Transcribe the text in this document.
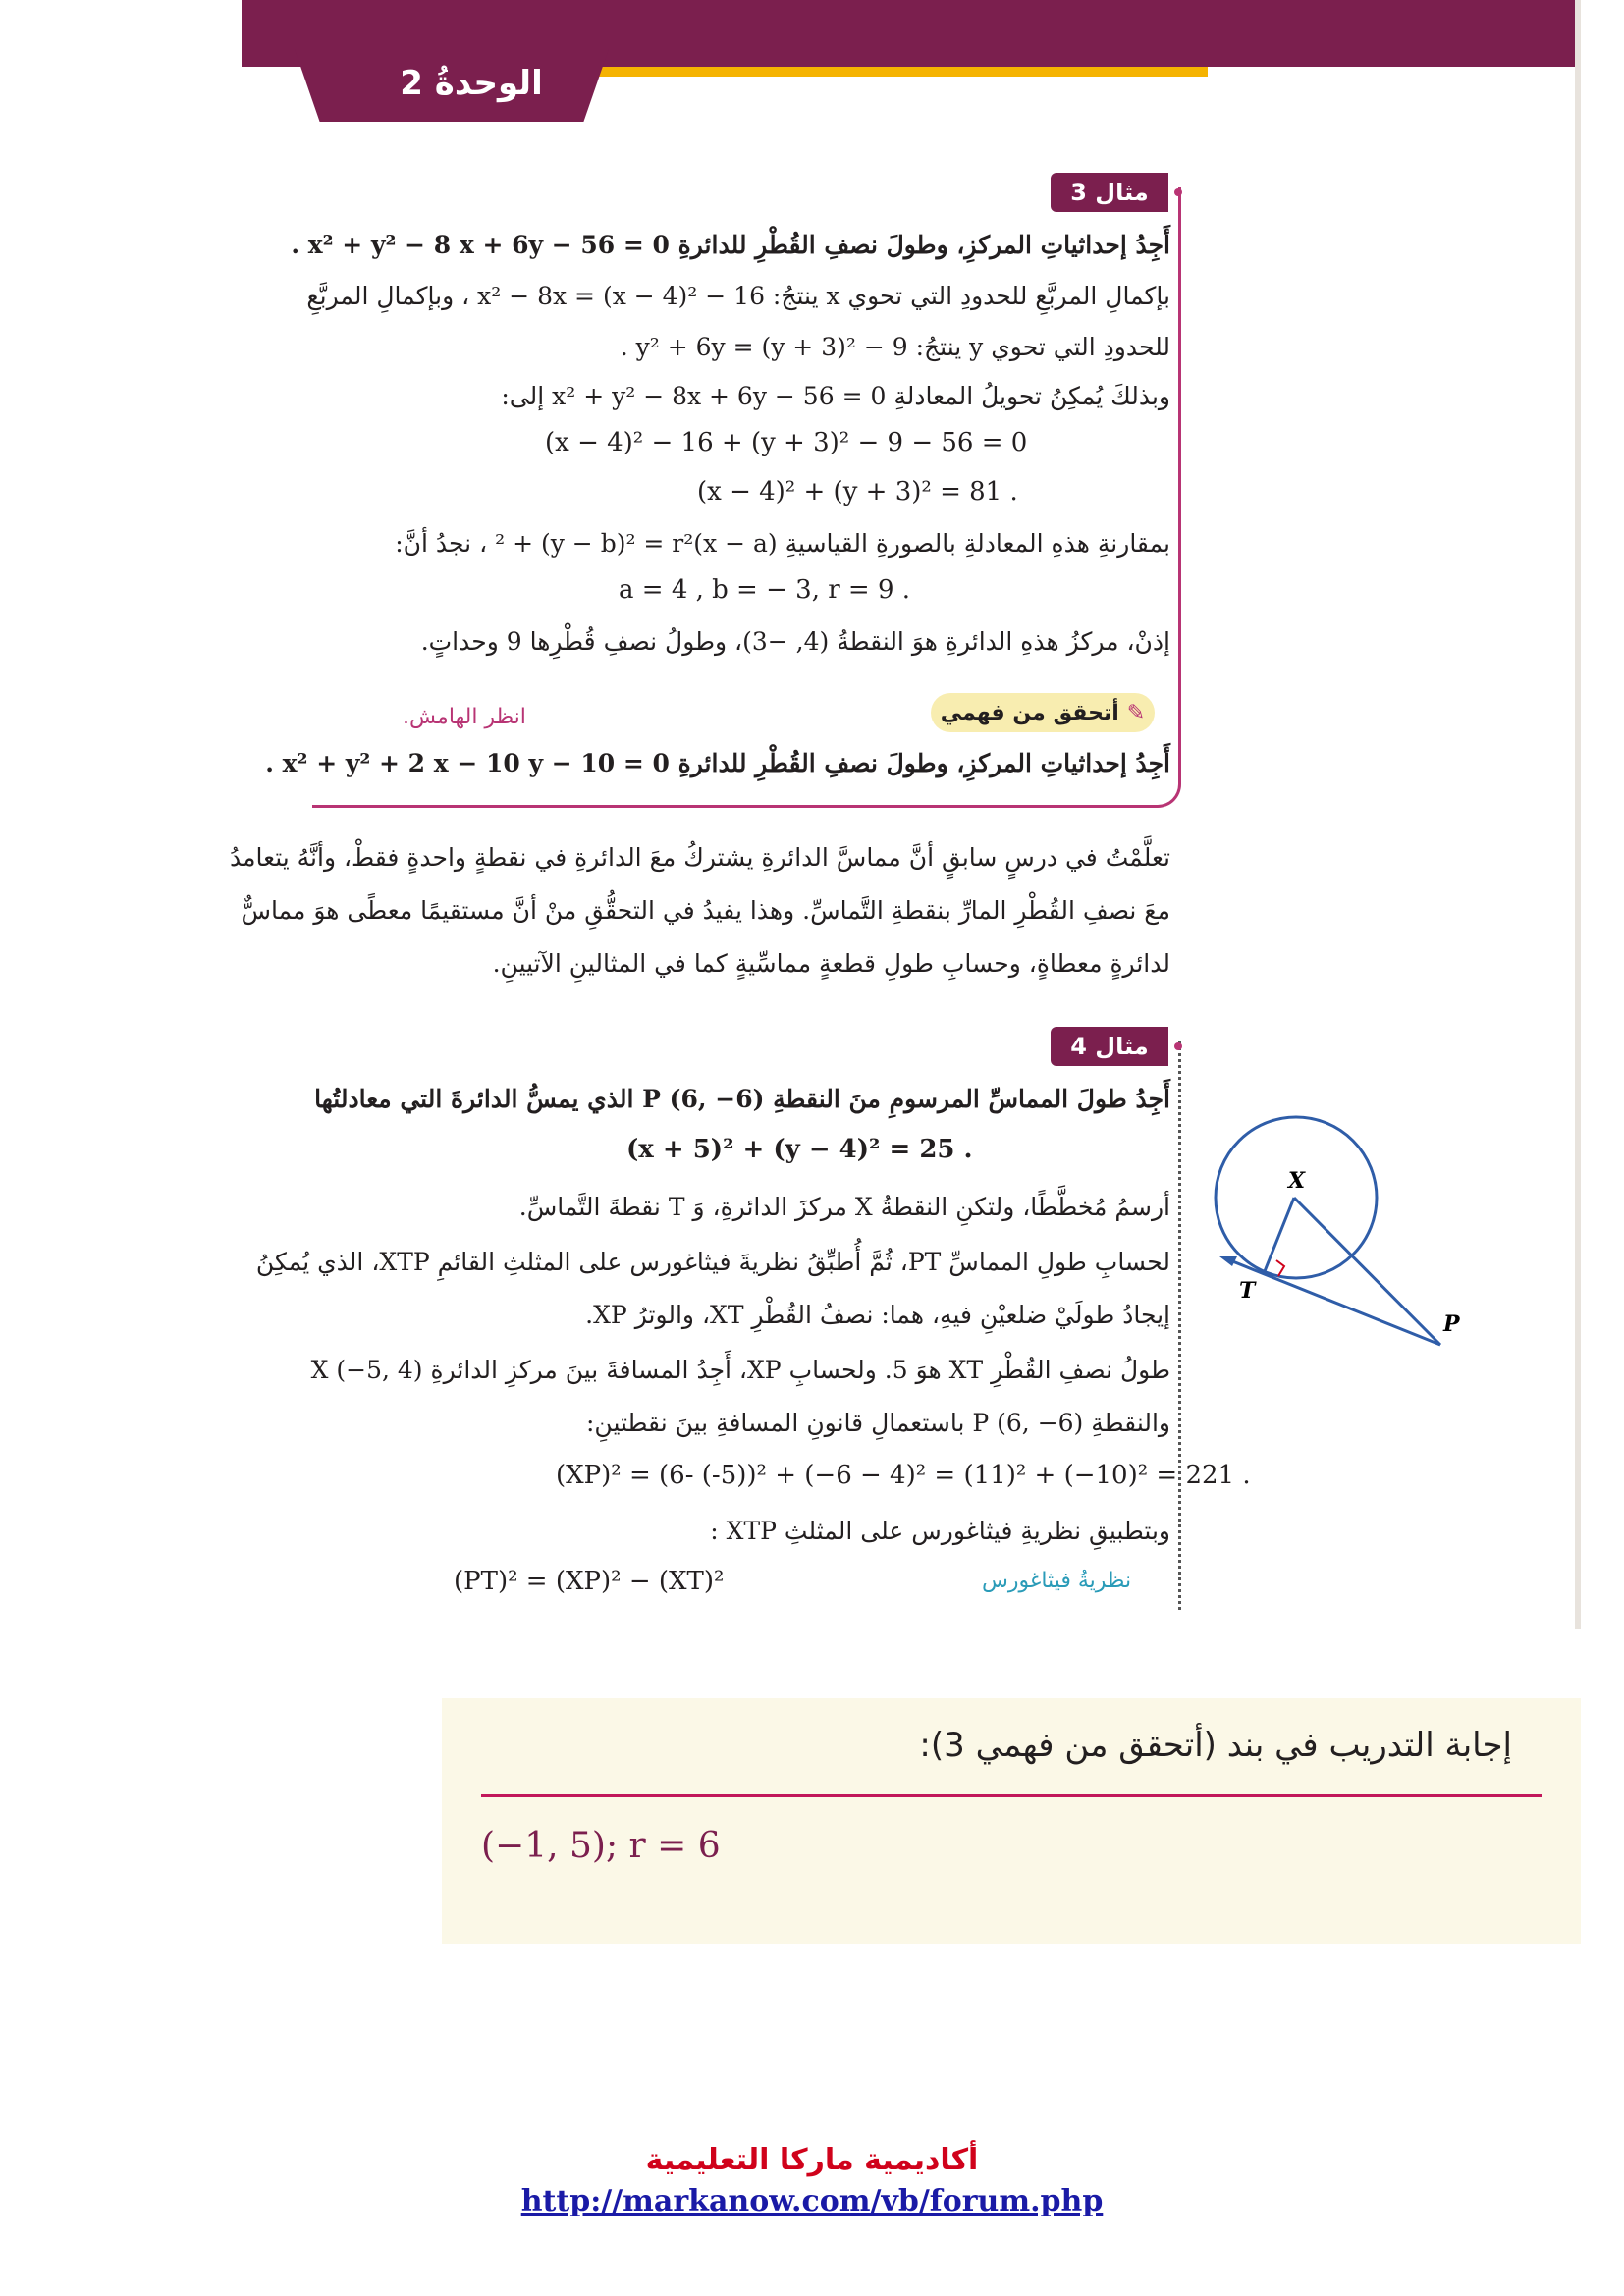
الوحدةُ 2
مثال 3
أَجِدُ إحداثياتِ المركزِ، وطولَ نصفِ القُطْرِ للدائرةِ x² + y² − 8 x + 6y − 56 = 0 .
بإكمالِ المربَّعِ للحدودِ التي تحوي x ينتجُ: x² − 8x = (x − 4)² − 16 ، وبإكمالِ المربَّعِ
للحدودِ التي تحوي y ينتجُ: y² + 6y = (y + 3)² − 9 .
وبذلكَ يُمكِنُ تحويلُ المعادلةِ x² + y² − 8x + 6y − 56 = 0 إلى:
(x − 4)² − 16 + (y + 3)² − 9 − 56 = 0
(x − 4)² + (y + 3)² = 81 .
بمقارنةِ هذهِ المعادلةِ بالصورةِ القياسيةِ (x − a)² + (y − b)² = r² ، نجدُ أنَّ:
a = 4 , b = − 3, r = 9 .
إذنْ، مركزُ هذهِ الدائرةِ هوَ النقطةُ (4, −3)، وطولُ نصفِ قُطْرِها 9 وحداتٍ.
✎
أتحقق من فهمي
انظر الهامش.
أَجِدُ إحداثياتِ المركزِ، وطولَ نصفِ القُطْرِ للدائرةِ x² + y² + 2 x − 10 y − 10 = 0 .
تعلَّمْتُ في درسٍ سابقٍ أنَّ مماسَّ الدائرةِ يشتركُ معَ الدائرةِ في نقطةٍ واحدةٍ فقطْ، وأنَّهُ يتعامدُ
معَ نصفِ القُطْرِ المارِّ بنقطةِ التَّماسِّ. وهذا يفيدُ في التحقُّقِ منْ أنَّ مستقيمًا معطًى هوَ مماسٌّ
لدائرةٍ معطاةٍ، وحسابِ طولِ قطعةٍ مماسِّيةٍ كما في المثالينِ الآتيينِ.
مثال 4
أَجِدُ طولَ المماسِّ المرسومِ منَ النقطةِ P (6, −6) الذي يمسُّ الدائرةَ التي معادلتُها
(x + 5)² + (y − 4)² = 25 .
أرسمُ مُخطَّطًا، ولتكنِ النقطةُ X مركزَ الدائرةِ، وَ T نقطةَ التَّماسِّ.
لحسابِ طولِ المماسِّ PT، ثُمَّ أُطبِّقُ نظريةَ فيثاغورس على المثلثِ القائمِ XTP، الذي يُمكِنُ
إيجادُ طولَيْ ضلعيْنِ فيهِ، هما: نصفُ القُطْرِ XT، والوترُ XP.
طولُ نصفِ القُطْرِ XT هوَ 5. ولحسابِ XP، أَجِدُ المسافةَ بينَ مركزِ الدائرةِ X (−5, 4)
والنقطةِ P (6, −6) باستعمالِ قانونِ المسافةِ بينَ نقطتينِ:
(XP)² = (6- (-5))² + (−6 − 4)² = (11)² + (−10)² = 221 .
وبتطبيقِ نظريةِ فيثاغورس على المثلثِ XTP :
(PT)² = (XP)² − (XT)²	نظريةُ فيثاغورس
X
T
P
إجابة التدريب في بند (أتحقق من فهمي 3):
(−1, 5); r = 6
أكاديمية ماركا التعليمية
http://markanow.com/vb/forum.php
